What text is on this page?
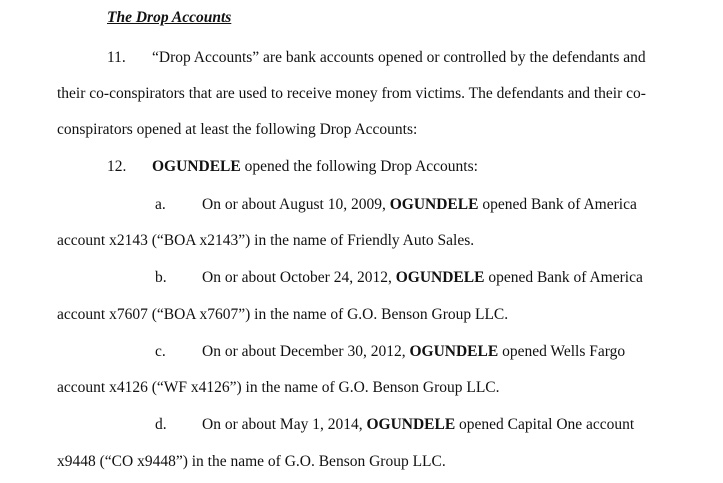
The Drop Accounts
11. “Drop Accounts” are bank accounts opened or controlled by the defendants and
their co-conspirators that are used to receive money from victims. The defendants and their co-
conspirators opened at least the following Drop Accounts:
12. OGUNDELE opened the following Drop Accounts:
a. On or about August 10, 2009, OGUNDELE opened Bank of America
account x2143 (“BOA x2143”) in the name of Friendly Auto Sales.
b. On or about October 24, 2012, OGUNDELE opened Bank of America
account x7607 (“BOA x7607”) in the name of G.O. Benson Group LLC.
c. On or about December 30, 2012, OGUNDELE opened Wells Fargo
account x4126 (“WF x4126”) in the name of G.O. Benson Group LLC.
d. On or about May 1, 2014, OGUNDELE opened Capital One account
x9448 (“CO x9448”) in the name of G.O. Benson Group LLC.
